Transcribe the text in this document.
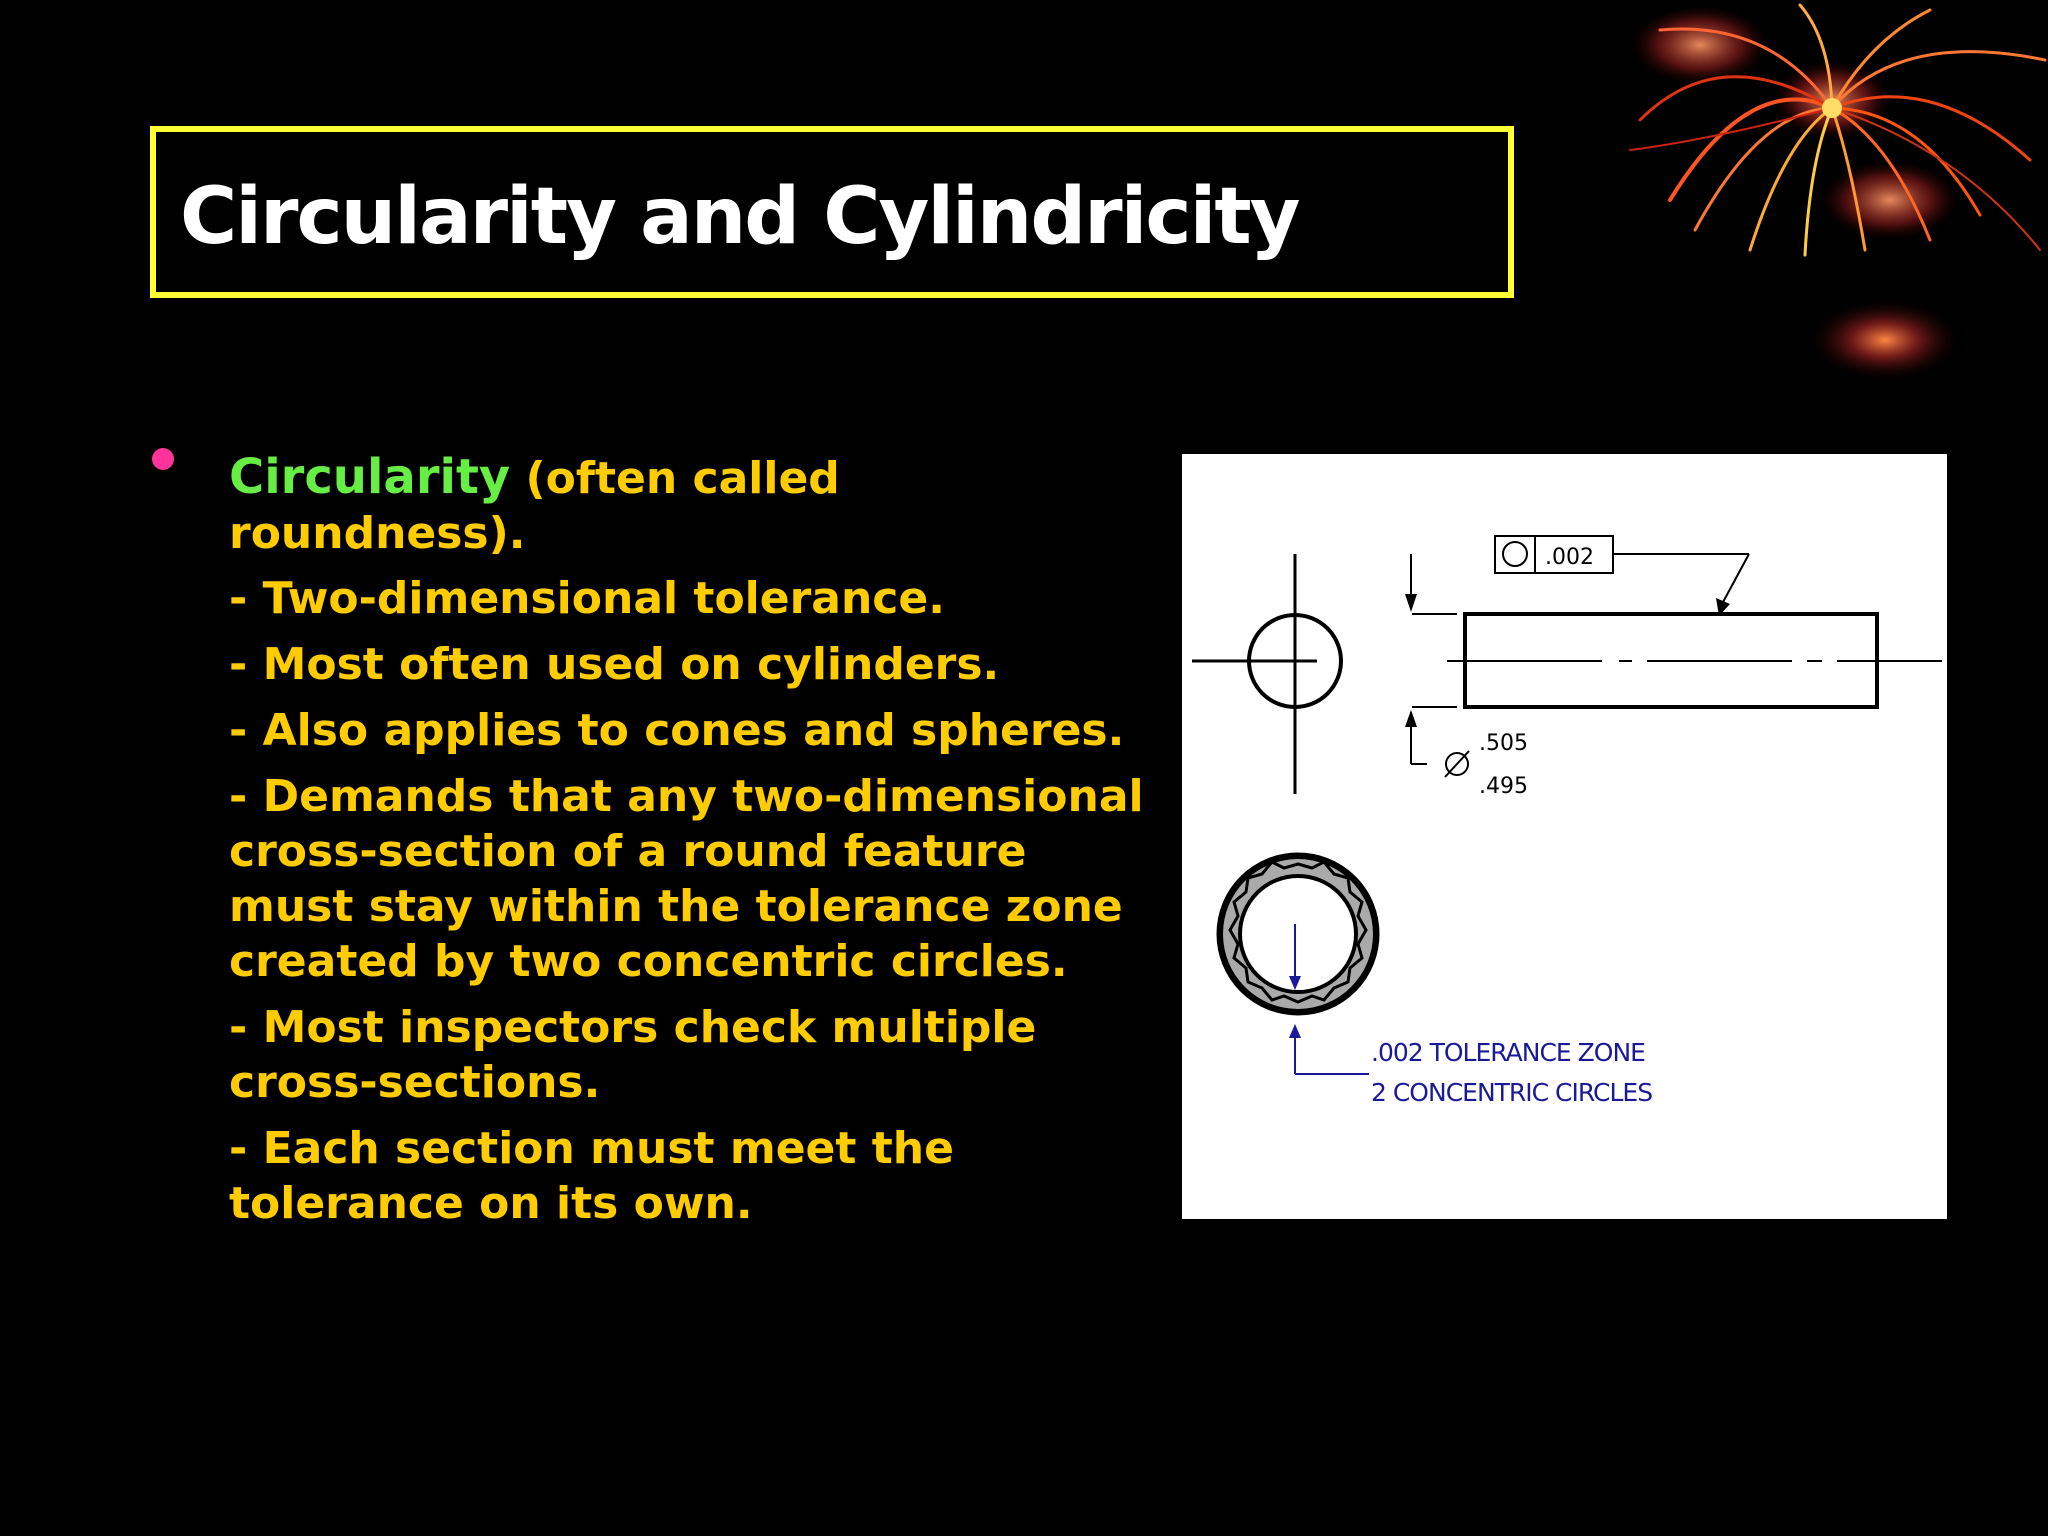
Circularity and Cylindricity
Circularity (often called roundness).
- Two-dimensional tolerance.
- Most often used on cylinders.
- Also applies to cones and spheres.
- Demands that any two-dimensional cross-section of a round feature must stay within the tolerance zone created by two concentric circles.
- Most inspectors check multiple cross-sections.
- Each section must meet the tolerance on its own.
.505
.495
.002
.002 TOLERANCE ZONE
2 CONCENTRIC CIRCLES
